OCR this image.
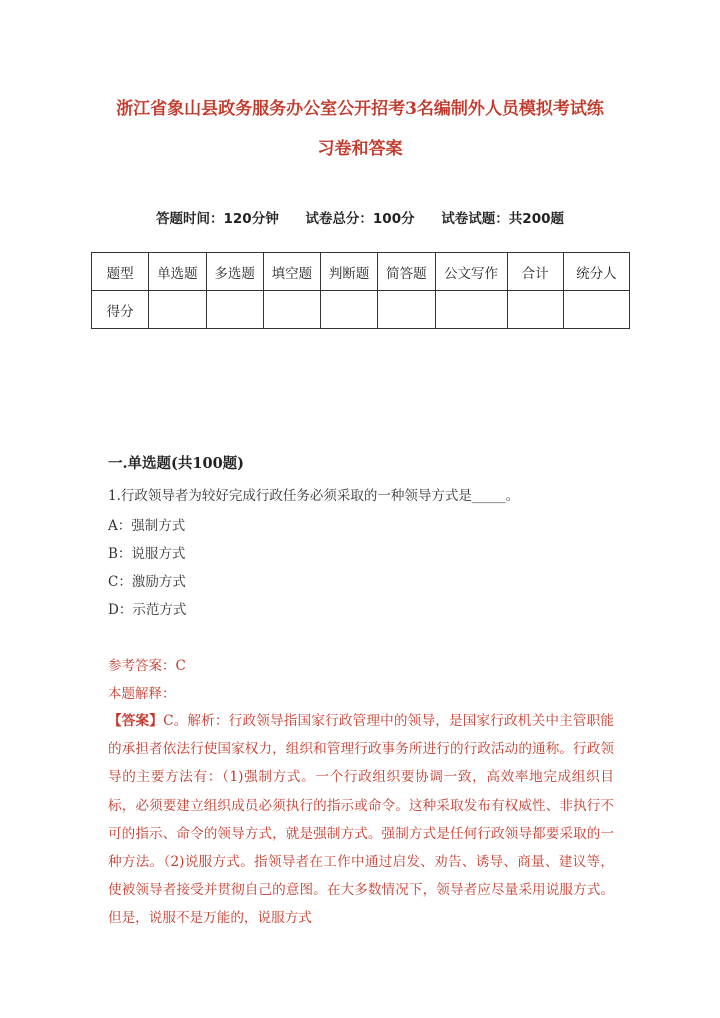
浙江省象山县政务服务办公室公开招考3名编制外人员模拟考试练
习卷和答案
答题时间：120分钟 试卷总分：100分 试卷试题：共200题
题型	单选题	多选题	填空题	判断题	简答题	公文写作	合计	统分人
得分								
一.单选题(共100题)
1.行政领导者为较好完成行政任务必须采取的一种领导方式是_____。
A：强制方式
B：说服方式
C：激励方式
D：示范方式
参考答案：C
本题解释：
【答案】C。解析：行政领导指国家行政管理中的领导，是国家行政机关中主管职能的承担者依法行使国家权力，组织和管理行政事务所进行的行政活动的通称。行政领导的主要方法有：（1)强制方式。一个行政组织要协调一致，高效率地完成组织目标，必须要建立组织成员必须执行的指示或命令。这种采取发布有权威性、非执行不可的指示、命令的领导方式，就是强制方式。强制方式是任何行政领导都要采取的一种方法。（2)说服方式。指领导者在工作中通过启发、劝告、诱导、商量、建议等，使被领导者接受并贯彻自己的意图。在大多数情况下，领导者应尽量采用说服方式。但是，说服不是万能的，说服方式
